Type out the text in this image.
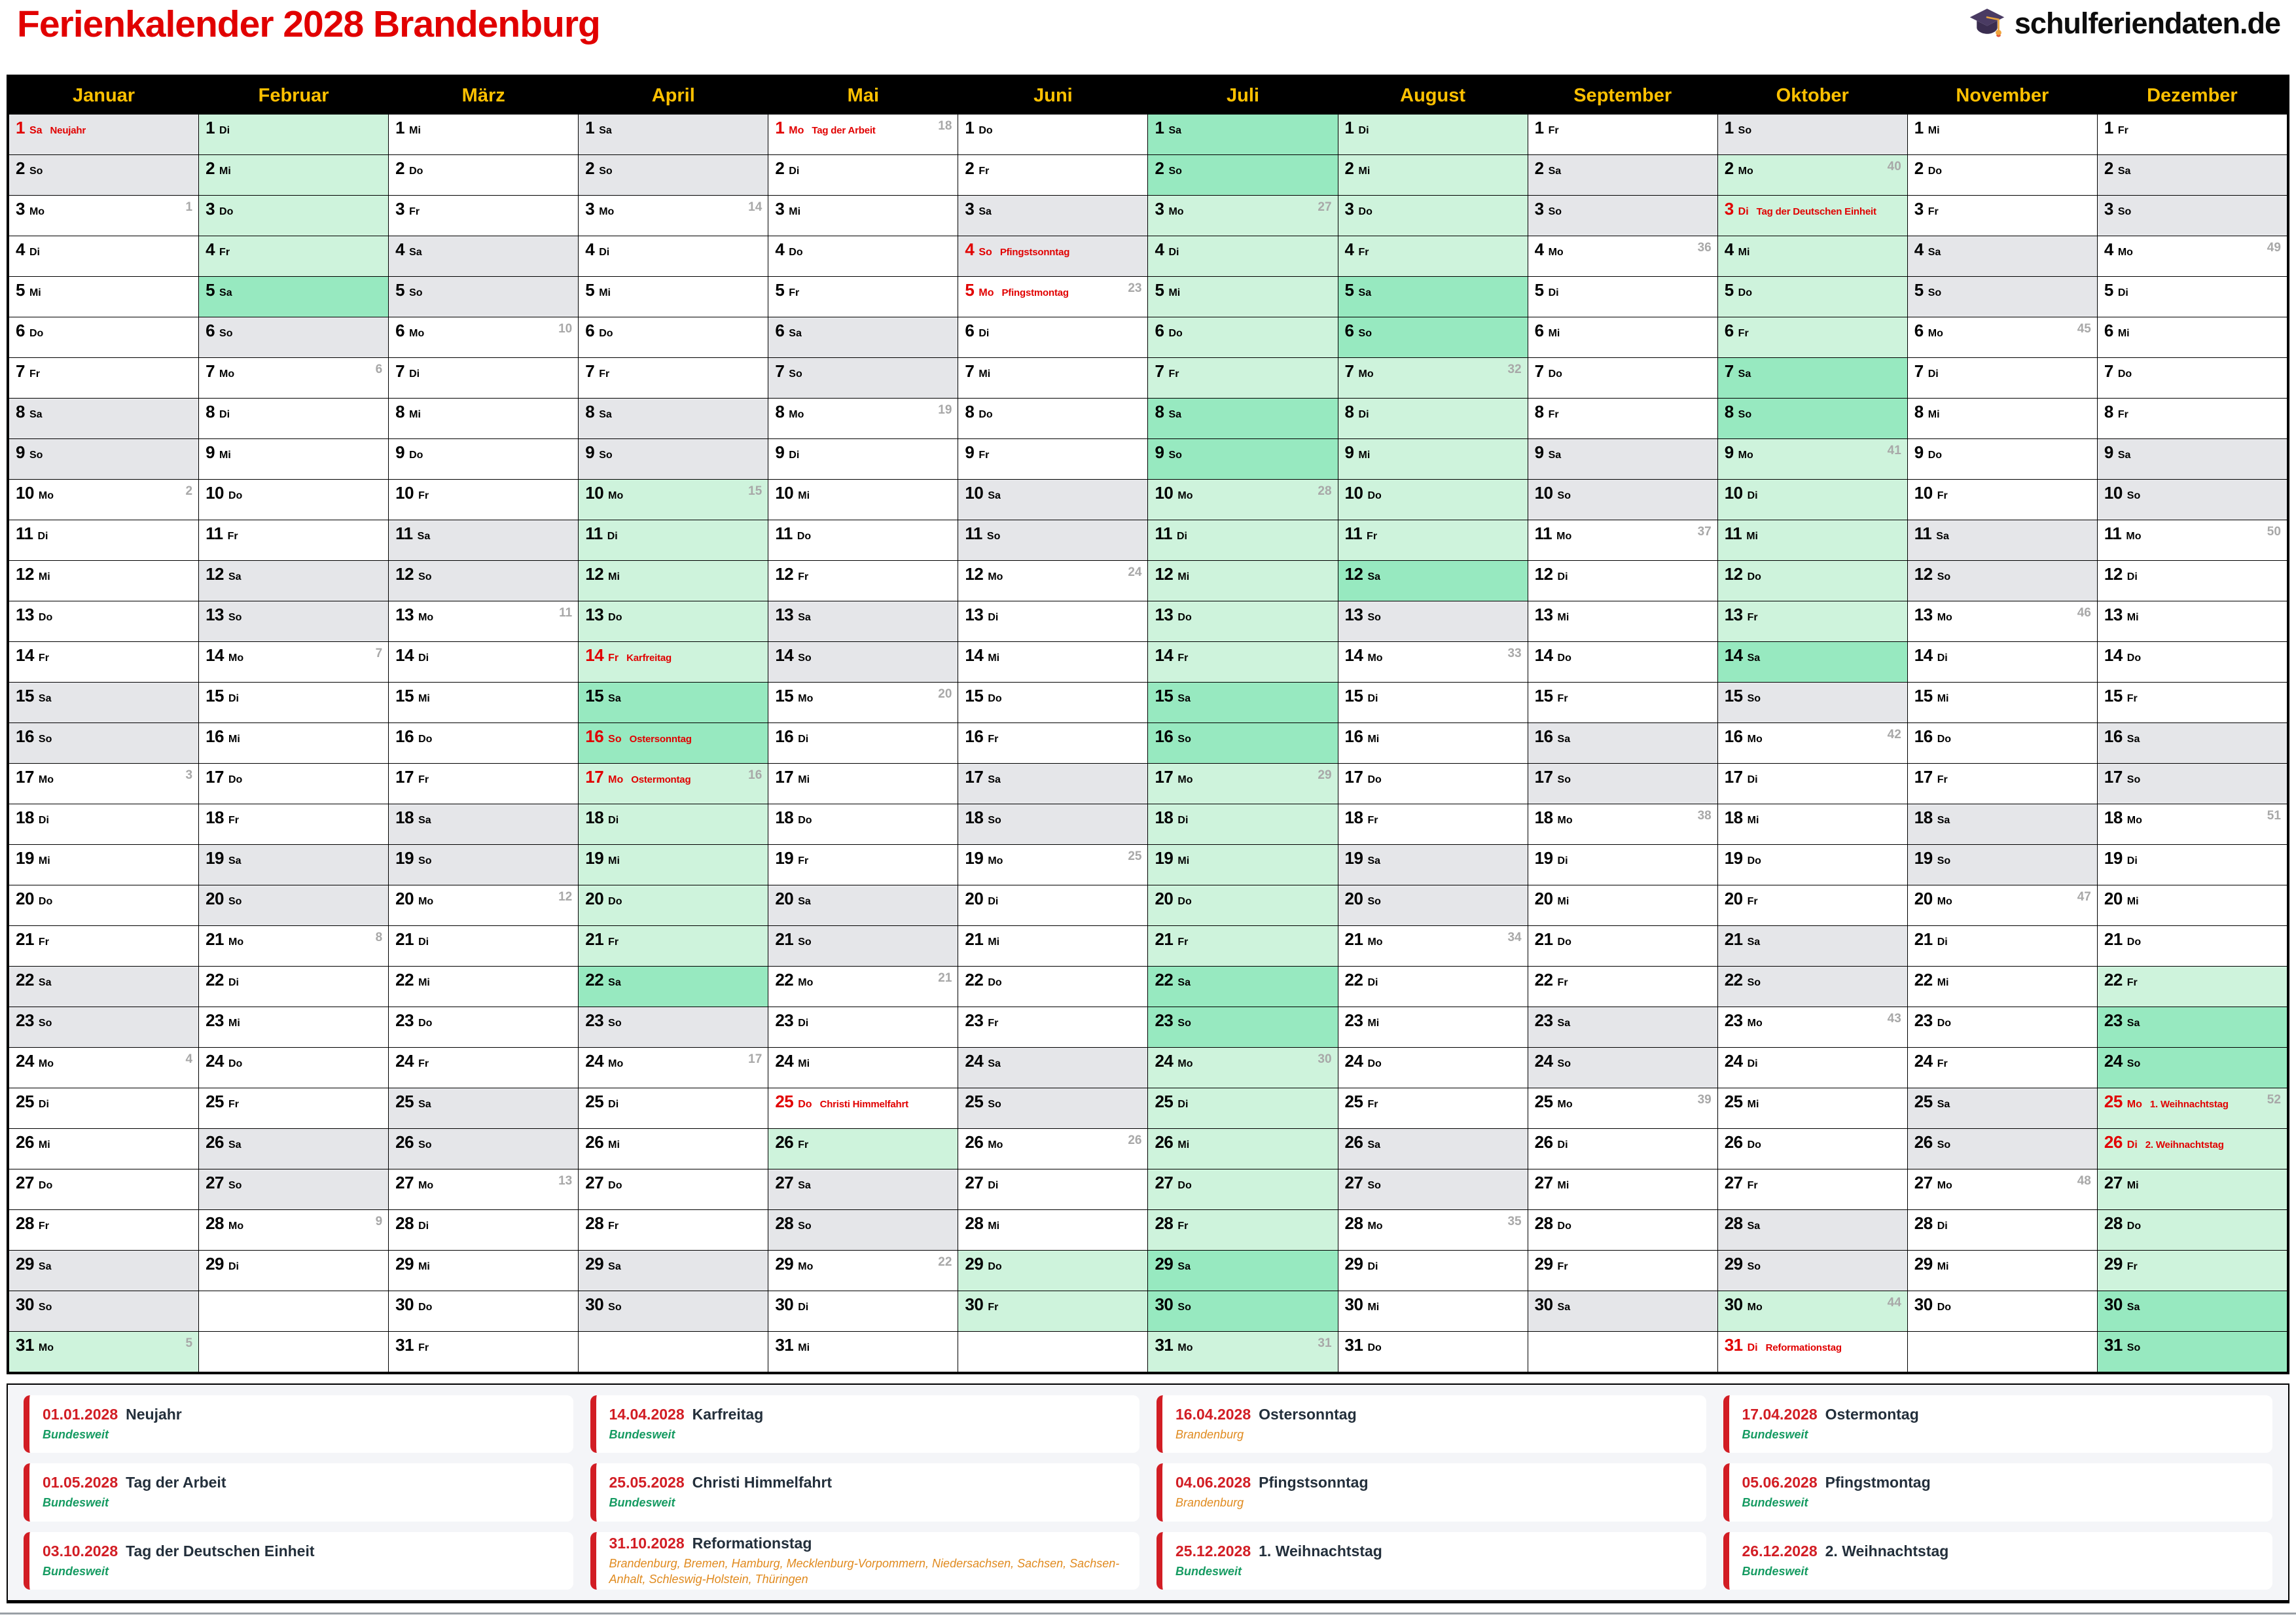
Ferienkalender 2028 Brandenburg	schulferiendaten.de
Januar
1 Sa Neujahr
2 So
3 Mo	1
4 Di
5 Mi
6 Do
7 Fr
8 Sa
9 So
10 Mo	2
11 Di
12 Mi
13 Do
14 Fr
15 Sa
16 So
17 Mo	3
18 Di
19 Mi
20 Do
21 Fr
22 Sa
23 So
24 Mo	4
25 Di
26 Mi
27 Do
28 Fr
29 Sa
30 So
31 Mo	5
Februar
1 Di
2 Mi
3 Do
4 Fr
5 Sa
6 So
7 Mo	6
8 Di
9 Mi
10 Do
11 Fr
12 Sa
13 So
14 Mo	7
15 Di
16 Mi
17 Do
18 Fr
19 Sa
20 So
21 Mo	8
22 Di
23 Mi
24 Do
25 Fr
26 Sa
27 So
28 Mo	9
29 Di
März
1 Mi
2 Do
3 Fr
4 Sa
5 So
6 Mo	10
7 Di
8 Mi
9 Do
10 Fr
11 Sa
12 So
13 Mo	11
14 Di
15 Mi
16 Do
17 Fr
18 Sa
19 So
20 Mo	12
21 Di
22 Mi
23 Do
24 Fr
25 Sa
26 So
27 Mo	13
28 Di
29 Mi
30 Do
31 Fr
April
1 Sa
2 So
3 Mo	14
4 Di
5 Mi
6 Do
7 Fr
8 Sa
9 So
10 Mo	15
11 Di
12 Mi
13 Do
14 Fr Karfreitag
15 Sa
16 So Ostersonntag
17 Mo Ostermontag	16
18 Di
19 Mi
20 Do
21 Fr
22 Sa
23 So
24 Mo	17
25 Di
26 Mi
27 Do
28 Fr
29 Sa
30 So
Mai
1 Mo Tag der Arbeit	18
2 Di
3 Mi
4 Do
5 Fr
6 Sa
7 So
8 Mo	19
9 Di
10 Mi
11 Do
12 Fr
13 Sa
14 So
15 Mo	20
16 Di
17 Mi
18 Do
19 Fr
20 Sa
21 So
22 Mo	21
23 Di
24 Mi
25 Do Christi Himmelfahrt
26 Fr
27 Sa
28 So
29 Mo	22
30 Di
31 Mi
Juni
1 Do
2 Fr
3 Sa
4 So Pfingstsonntag
5 Mo Pfingstmontag	23
6 Di
7 Mi
8 Do
9 Fr
10 Sa
11 So
12 Mo	24
13 Di
14 Mi
15 Do
16 Fr
17 Sa
18 So
19 Mo	25
20 Di
21 Mi
22 Do
23 Fr
24 Sa
25 So
26 Mo	26
27 Di
28 Mi
29 Do
30 Fr
Juli
1 Sa
2 So
3 Mo	27
4 Di
5 Mi
6 Do
7 Fr
8 Sa
9 So
10 Mo	28
11 Di
12 Mi
13 Do
14 Fr
15 Sa
16 So
17 Mo	29
18 Di
19 Mi
20 Do
21 Fr
22 Sa
23 So
24 Mo	30
25 Di
26 Mi
27 Do
28 Fr
29 Sa
30 So
31 Mo	31
August
1 Di
2 Mi
3 Do
4 Fr
5 Sa
6 So
7 Mo	32
8 Di
9 Mi
10 Do
11 Fr
12 Sa
13 So
14 Mo	33
15 Di
16 Mi
17 Do
18 Fr
19 Sa
20 So
21 Mo	34
22 Di
23 Mi
24 Do
25 Fr
26 Sa
27 So
28 Mo	35
29 Di
30 Mi
31 Do
September
1 Fr
2 Sa
3 So
4 Mo	36
5 Di
6 Mi
7 Do
8 Fr
9 Sa
10 So
11 Mo	37
12 Di
13 Mi
14 Do
15 Fr
16 Sa
17 So
18 Mo	38
19 Di
20 Mi
21 Do
22 Fr
23 Sa
24 So
25 Mo	39
26 Di
27 Mi
28 Do
29 Fr
30 Sa
Oktober
1 So
2 Mo	40
3 Di Tag der Deutschen Einheit
4 Mi
5 Do
6 Fr
7 Sa
8 So
9 Mo	41
10 Di
11 Mi
12 Do
13 Fr
14 Sa
15 So
16 Mo	42
17 Di
18 Mi
19 Do
20 Fr
21 Sa
22 So
23 Mo	43
24 Di
25 Mi
26 Do
27 Fr
28 Sa
29 So
30 Mo	44
31 Di Reformationstag
November
1 Mi
2 Do
3 Fr
4 Sa
5 So
6 Mo	45
7 Di
8 Mi
9 Do
10 Fr
11 Sa
12 So
13 Mo	46
14 Di
15 Mi
16 Do
17 Fr
18 Sa
19 So
20 Mo	47
21 Di
22 Mi
23 Do
24 Fr
25 Sa
26 So
27 Mo	48
28 Di
29 Mi
30 Do
Dezember
1 Fr
2 Sa
3 So
4 Mo	49
5 Di
6 Mi
7 Do
8 Fr
9 Sa
10 So
11 Mo	50
12 Di
13 Mi
14 Do
15 Fr
16 Sa
17 So
18 Mo	51
19 Di
20 Mi
21 Do
22 Fr
23 Sa
24 So
25 Mo 1. Weihnachtstag	52
26 Di 2. Weihnachtstag
27 Mi
28 Do
29 Fr
30 Sa
31 So
01.01.2028 Neujahr
Bundesweit
01.05.2028 Tag der Arbeit
Bundesweit
03.10.2028 Tag der Deutschen Einheit
Bundesweit
14.04.2028 Karfreitag
Bundesweit
25.05.2028 Christi Himmelfahrt
Bundesweit
31.10.2028 Reformationstag
Brandenburg, Bremen, Hamburg, Mecklenburg-Vorpommern, Niedersachsen, Sachsen, Sachsen-Anhalt, Schleswig-Holstein, Thüringen
16.04.2028 Ostersonntag
Brandenburg
04.06.2028 Pfingstsonntag
Brandenburg
25.12.2028 1. Weihnachtstag
Bundesweit
17.04.2028 Ostermontag
Bundesweit
05.06.2028 Pfingstmontag
Bundesweit
26.12.2028 2. Weihnachtstag
Bundesweit
